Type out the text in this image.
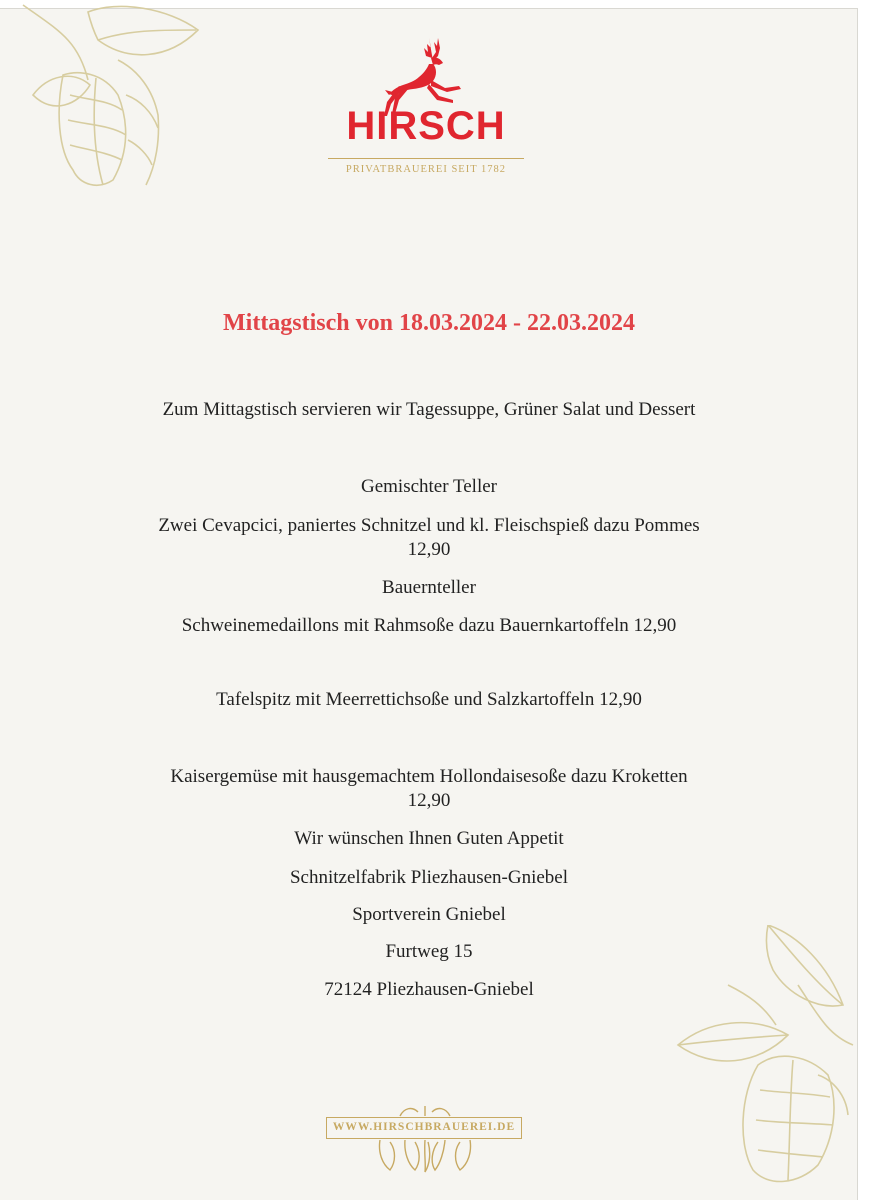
HIRSCH
PRIVATBRAUEREI SEIT 1782
Mittagstisch von 18.03.2024 - 22.03.2024
Zum Mittagstisch servieren wir Tagessuppe, Grüner Salat und Dessert
Gemischter Teller
Zwei Cevapcici, paniertes Schnitzel und kl. Fleischspieß dazu Pommes
12,90
Bauernteller
Schweinemedaillons mit Rahmsoße dazu Bauernkartoffeln 12,90
Tafelspitz mit Meerrettichsoße und Salzkartoffeln 12,90
Kaisergemüse mit hausgemachtem Hollondaisesoße dazu Kroketten
12,90
Wir wünschen Ihnen Guten Appetit
Schnitzelfabrik Pliezhausen-Gniebel
Sportverein Gniebel
Furtweg 15
72124 Pliezhausen-Gniebel
WWW.HIRSCHBRAUEREI.DE
